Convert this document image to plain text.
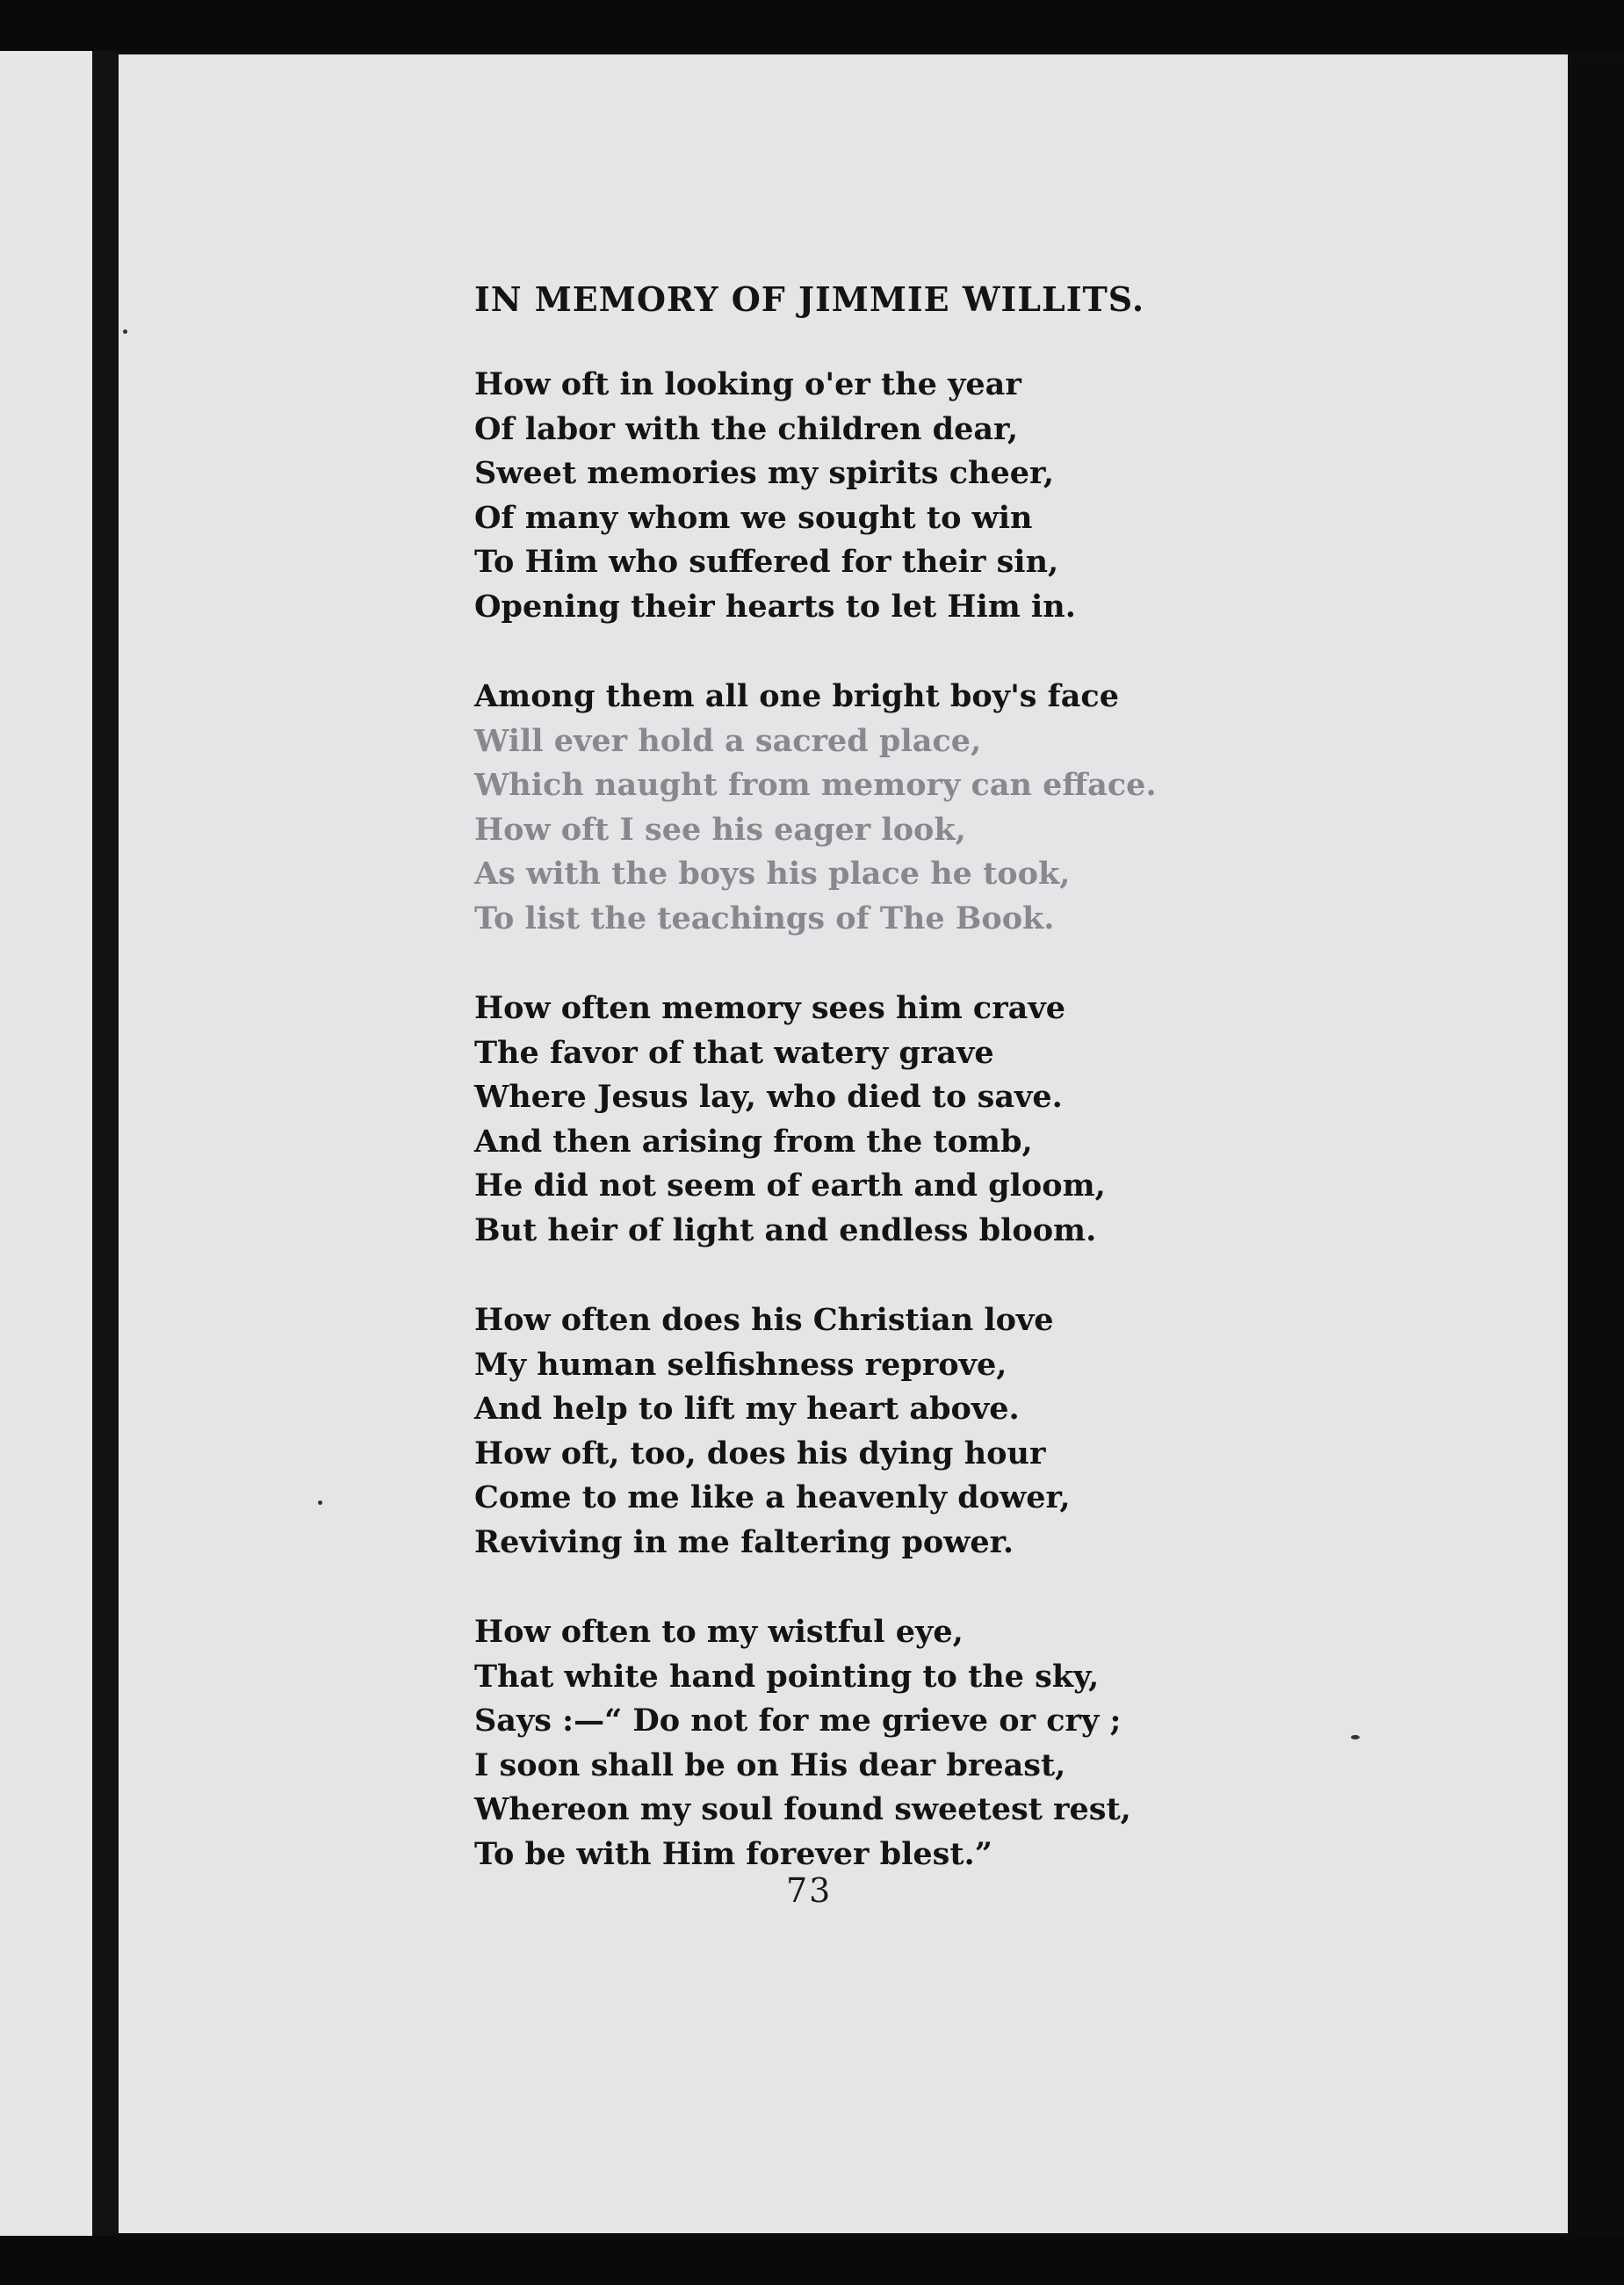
IN MEMORY OF JIMMIE WILLITS.
How oft in looking o'er the year
Of labor with the children dear,
Sweet memories my spirits cheer,
Of many whom we sought to win
To Him who suffered for their sin,
Opening their hearts to let Him in.
Among them all one bright boy's face
Will ever hold a sacred place,
Which naught from memory can efface.
How oft I see his eager look,
As with the boys his place he took,
To list the teachings of The Book.
How often memory sees him crave
The favor of that watery grave
Where Jesus lay, who died to save.
And then arising from the tomb,
He did not seem of earth and gloom,
But heir of light and endless bloom.
How often does his Christian love
My human selfishness reprove,
And help to lift my heart above.
How oft, too, does his dying hour
Come to me like a heavenly dower,
Reviving in me faltering power.
How often to my wistful eye,
That white hand pointing to the sky,
Says :—“ Do not for me grieve or cry ;
I soon shall be on His dear breast,
Whereon my soul found sweetest rest,
To be with Him forever blest.”
73
